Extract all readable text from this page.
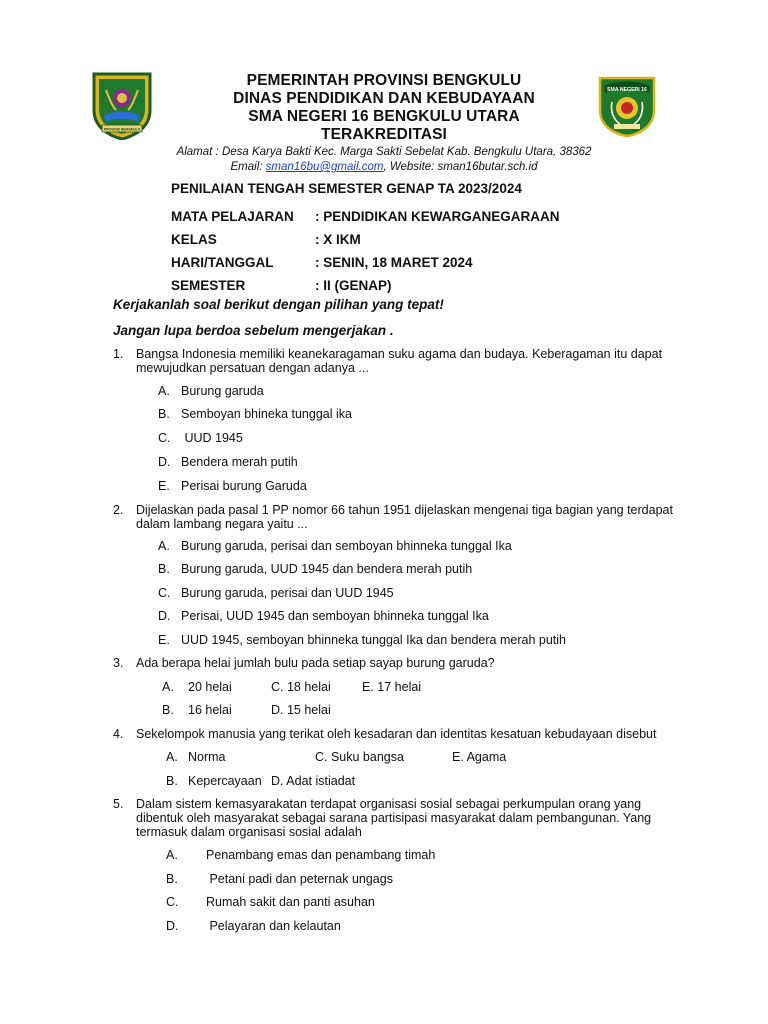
PROVINSI BENGKULU
SMA NEGERI 16
PEMERINTAH PROVINSI BENGKULU
DINAS PENDIDIKAN DAN KEBUDAYAAN
SMA NEGERI 16 BENGKULU UTARA
TERAKREDITASI
Alamat : Desa Karya Bakti Kec. Marga Sakti Sebelat Kab. Bengkulu Utara, 38362
Email: sman16bu@gmail.com, Website: sman16butar.sch.id
PENILAIAN TENGAH SEMESTER GENAP TA 2023/2024
MATA PELAJARAN	: PENDIDIKAN KEWARGANEGARAAN
KELAS	: X IKM
HARI/TANGGAL	: SENIN, 18 MARET 2024
SEMESTER	: II (GENAP)
Kerjakanlah soal berikut dengan pilihan yang tepat!
Jangan lupa berdoa sebelum mengerjakan .
1. Bangsa Indonesia memiliki keanekaragaman suku agama dan budaya. Keberagaman itu dapat mewujudkan persatuan dengan adanya ...
A. Burung garuda
B. Semboyan bhineka tunggal ika
C. UUD 1945
D. Bendera merah putih
E. Perisai burung Garuda
2. Dijelaskan pada pasal 1 PP nomor 66 tahun 1951 dijelaskan mengenai tiga bagian yang terdapat dalam lambang negara yaitu ...
A. Burung garuda, perisai dan semboyan bhinneka tunggal Ika
B. Burung garuda, UUD 1945 dan bendera merah putih
C. Burung garuda, perisai dan UUD 1945
D. Perisai, UUD 1945 dan semboyan bhinneka tunggal Ika
E. UUD 1945, semboyan bhinneka tunggal Ika dan bendera merah putih
3. Ada berapa helai jumlah bulu pada setiap sayap burung garuda?
A. 20 helai	C. 18 helai E. 17 helai
B. 16 helai	D. 15 helai
4. Sekelompok manusia yang terikat oleh kesadaran dan identitas kesatuan kebudayaan disebut
A. Norma	C. Suku bangsa	E. Agama
B. Kepercayaan D. Adat istiadat
5. Dalam sistem kemasyarakatan terdapat organisasi sosial sebagai perkumpulan orang yang dibentuk oleh masyarakat sebagai sarana partisipasi masyarakat dalam pembangunan. Yang termasuk dalam organisasi sosial adalah
A. Penambang emas dan penambang timah
B. Petani padi dan peternak ungags
C. Rumah sakit dan panti asuhan
D. Pelayaran dan kelautan
